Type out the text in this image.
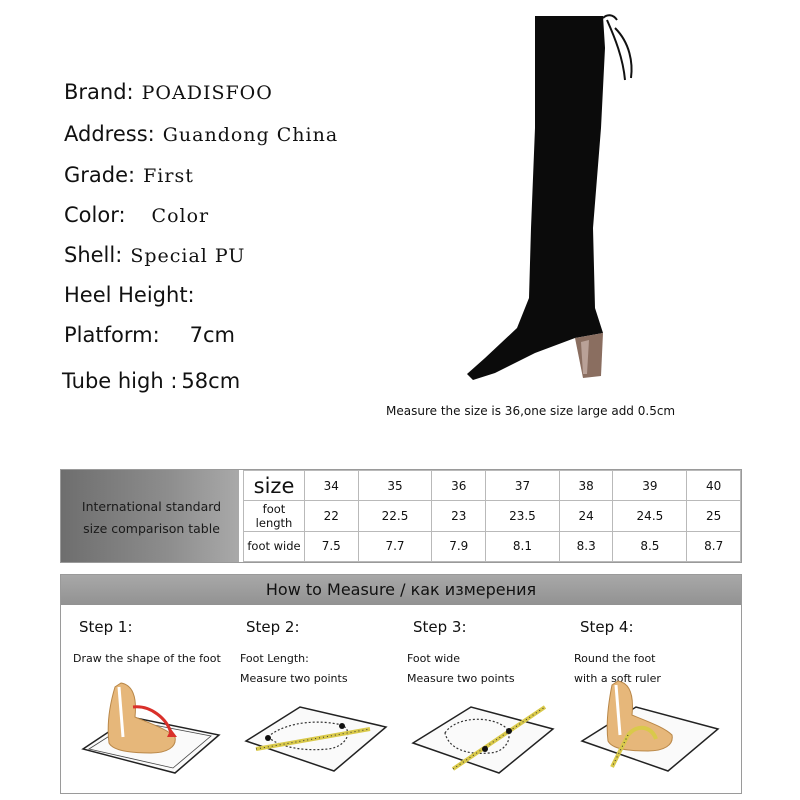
Brand: POADISFOO
Address: Guandong China
Grade: First
Color: Color
Shell: Special PU
Heel Height:
Platform: 7cm
Tube high : 58cm
Measure the size is 36,one size large add 0.5cm
International standard
size comparison table
size	34	35	36	37	38	39	40
foot length	22	22.5	23	23.5	24	24.5	25
foot wide	7.5	7.7	7.9	8.1	8.3	8.5	8.7
How to Measure / как измерения
Step 1:
Draw the shape of the foot
Step 2:
Foot Length:
Measure two points
Step 3:
Foot wide
Measure two points
Step 4:
Round the foot
with a soft ruler
